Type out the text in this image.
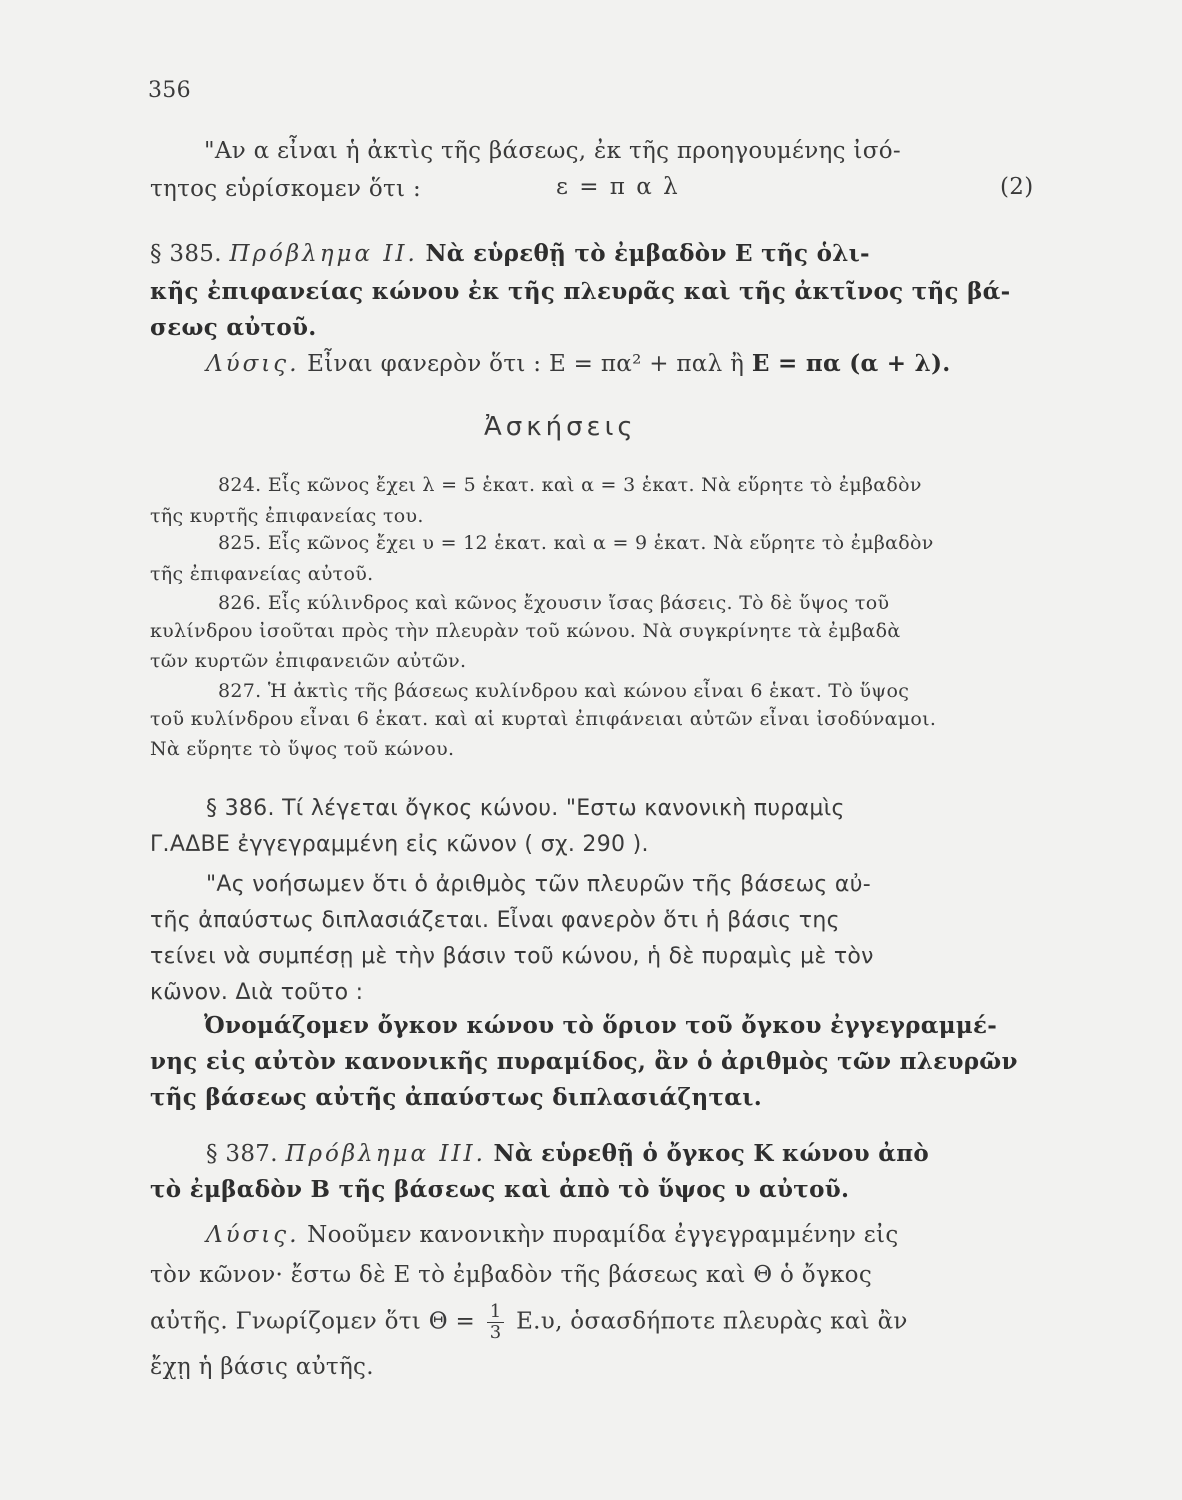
356
"Αν α εἶναι ἡ ἀκτὶς τῆς βάσεως, ἐκ τῆς προηγουμένης ἰσό-
τητος εὑρίσκομεν ὅτι :	ε = π α λ	(2)
§ 385. Πρόβλημα ΙΙ. Νὰ εὑρεθῇ τὸ ἐμβαδὸν Ε τῆς ὁλι-
κῆς ἐπιφανείας κώνου ἐκ τῆς πλευρᾶς καὶ τῆς ἀκτῖνος τῆς βά-
σεως αὐτοῦ.
Λύσις. Εἶναι φανερὸν ὅτι : Ε = πα² + παλ ἢ Ε = πα (α + λ).
Ἀσκήσεις
824. Εἷς κῶνος ἔχει λ = 5 ἑκατ. καὶ α = 3 ἑκατ. Νὰ εὕρητε τὸ ἐμβαδὸν
τῆς κυρτῆς ἐπιφανείας του.
825. Εἷς κῶνος ἔχει υ = 12 ἑκατ. καὶ α = 9 ἑκατ. Νὰ εὕρητε τὸ ἐμβαδὸν
τῆς ἐπιφανείας αὐτοῦ.
826. Εἷς κύλινδρος καὶ κῶνος ἔχουσιν ἴσας βάσεις. Τὸ δὲ ὕψος τοῦ
κυλίνδρου ἰσοῦται πρὸς τὴν πλευρὰν τοῦ κώνου. Νὰ συγκρίνητε τὰ ἐμβαδὰ
τῶν κυρτῶν ἐπιφανειῶν αὐτῶν.
827. Ἡ ἀκτὶς τῆς βάσεως κυλίνδρου καὶ κώνου εἶναι 6 ἑκατ. Τὸ ὕψος
τοῦ κυλίνδρου εἶναι 6 ἑκατ. καὶ αἱ κυρταὶ ἐπιφάνειαι αὐτῶν εἶναι ἰσοδύναμοι.
Νὰ εὕρητε τὸ ὕψος τοῦ κώνου.
§ 386. Τί λέγεται ὄγκος κώνου. "Εστω κανονικὴ πυραμὶς
Γ.ΑΔΒΕ ἐγγεγραμμένη εἰς κῶνον ( σχ. 290 ).
"Ας νοήσωμεν ὅτι ὁ ἀριθμὸς τῶν πλευρῶν τῆς βάσεως αὐ-
τῆς ἀπαύστως διπλασιάζεται. Εἶναι φανερὸν ὅτι ἡ βάσις της
τείνει νὰ συμπέσῃ μὲ τὴν βάσιν τοῦ κώνου, ἡ δὲ πυραμὶς μὲ τὸν
κῶνον. Διὰ τοῦτο :
Ὀνομάζομεν ὄγκον κώνου τὸ ὅριον τοῦ ὄγκου ἐγγεγραμμέ-
νης εἰς αὐτὸν κανονικῆς πυραμίδος, ἂν ὁ ἀριθμὸς τῶν πλευρῶν
τῆς βάσεως αὐτῆς ἀπαύστως διπλασιάζηται.
§ 387. Πρόβλημα ΙΙΙ. Νὰ εὑρεθῇ ὁ ὄγκος Κ κώνου ἀπὸ
τὸ ἐμβαδὸν Β τῆς βάσεως καὶ ἀπὸ τὸ ὕψος υ αὐτοῦ.
Λύσις. Νοοῦμεν κανονικὴν πυραμίδα ἐγγεγραμμένην εἰς
τὸν κῶνον· ἔστω δὲ Ε τὸ ἐμβαδὸν τῆς βάσεως καὶ Θ ὁ ὄγκος
αὐτῆς. Γνωρίζομεν ὅτι $\Theta = \frac{1}{3} E.\upsilon$, ὁσασδήποτε πλευρὰς καὶ ἂν
ἔχῃ ἡ βάσις αὐτῆς.
